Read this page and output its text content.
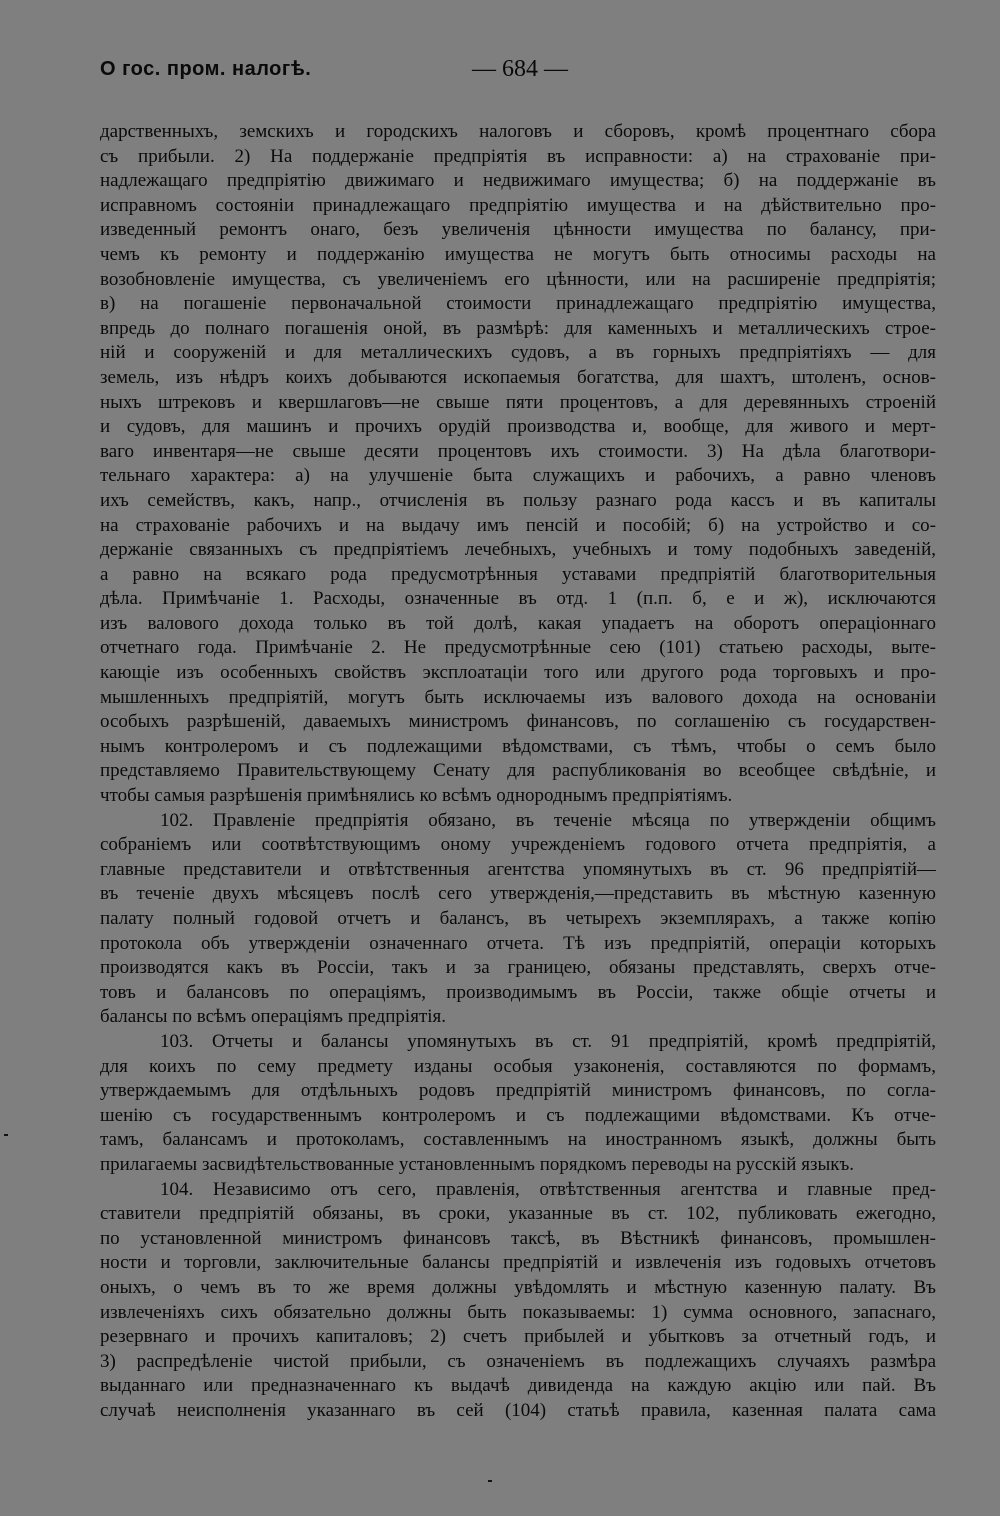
О гос. пром. налогѣ.	— 684 —
дарственныхъ, земскихъ и городскихъ налоговъ и сборовъ, кромѣ процентнаго сбора
съ прибыли. 2) На поддержаніе предпріятія въ исправности: а) на страхованіе при-
надлежащаго предпріятію движимаго и недвижимаго имущества; б) на поддержаніе въ
исправномъ состояніи принадлежащаго предпріятію имущества и на дѣйствительно про-
изведенный ремонтъ онаго, безъ увеличенія цѣнности имущества по балансу, при-
чемъ къ ремонту и поддержанію имущества не могутъ быть относимы расходы на
возобновленіе имущества, съ увеличеніемъ его цѣнности, или на расширеніе предпріятія;
в) на погашеніе первоначальной стоимости принадлежащаго предпріятію имущества,
впредь до полнаго погашенія оной, въ размѣрѣ: для каменныхъ и металлическихъ строе-
ній и сооруженій и для металлическихъ судовъ, а въ горныхъ предпріятіяхъ — для
земель, изъ нѣдръ коихъ добываются ископаемыя богатства, для шахтъ, штоленъ, основ-
ныхъ штрековъ и квершлаговъ—не свыше пяти процентовъ, а для деревянныхъ строеній
и судовъ, для машинъ и прочихъ орудій производства и, вообще, для живого и мерт-
ваго инвентаря—не свыше десяти процентовъ ихъ стоимости. 3) На дѣла благотвори-
тельнаго характера: а) на улучшеніе быта служащихъ и рабочихъ, а равно членовъ
ихъ семействъ, какъ, напр., отчисленія въ пользу разнаго рода кассъ и въ капиталы
на страхованіе рабочихъ и на выдачу имъ пенсій и пособій; б) на устройство и со-
держаніе связанныхъ съ предпріятіемъ лечебныхъ, учебныхъ и тому подобныхъ заведеній,
а равно на всякаго рода предусмотрѣнныя уставами предпріятій благотворительныя
дѣла. Примѣчаніе 1. Расходы, означенные въ отд. 1 (п.п. б, е и ж), исключаются
изъ валового дохода только въ той долѣ, какая упадаетъ на оборотъ операціоннаго
отчетнаго года. Примѣчаніе 2. Не предусмотрѣнные сею (101) статьею расходы, выте-
кающіе изъ особенныхъ свойствъ эксплоатаціи того или другого рода торговыхъ и про-
мышленныхъ предпріятій, могутъ быть исключаемы изъ валового дохода на основаніи
особыхъ разрѣшеній, даваемыхъ министромъ финансовъ, по соглашенію съ государствен-
нымъ контролеромъ и съ подлежащими вѣдомствами, съ тѣмъ, чтобы о семъ было
представляемо Правительствующему Сенату для распубликованія во всеобщее свѣдѣніе, и
чтобы самыя разрѣшенія примѣнялись ко всѣмъ однороднымъ предпріятіямъ.
102. Правленіе предпріятія обязано, въ теченіе мѣсяца по утвержденіи общимъ
собраніемъ или соотвѣтствующимъ оному учрежденіемъ годового отчета предпріятія, а
главные представители и отвѣтственныя агентства упомянутыхъ въ ст. 96 предпріятій—
въ теченіе двухъ мѣсяцевъ послѣ сего утвержденія,—представить въ мѣстную казенную
палату полный годовой отчетъ и балансъ, въ четырехъ экземплярахъ, а также копію
протокола объ утвержденіи означеннаго отчета. Тѣ изъ предпріятій, операціи которыхъ
производятся какъ въ Россіи, такъ и за границею, обязаны представлять, сверхъ отче-
товъ и балансовъ по операціямъ, производимымъ въ Россіи, также общіе отчеты и
балансы по всѣмъ операціямъ предпріятія.
103. Отчеты и балансы упомянутыхъ въ ст. 91 предпріятій, кромѣ предпріятій,
для коихъ по сему предмету изданы особыя узаконенія, составляются по формамъ,
утверждаемымъ для отдѣльныхъ родовъ предпріятій министромъ финансовъ, по согла-
шенію съ государственнымъ контролеромъ и съ подлежащими вѣдомствами. Къ отче-
тамъ, балансамъ и протоколамъ, составленнымъ на иностранномъ языкѣ, должны быть
прилагаемы засвидѣтельствованные установленнымъ порядкомъ переводы на русскій языкъ.
104. Независимо отъ сего, правленія, отвѣтственныя агентства и главные пред-
ставители предпріятій обязаны, въ сроки, указанные въ ст. 102, публиковать ежегодно,
по установленной министромъ финансовъ таксѣ, въ Вѣстникѣ финансовъ, промышлен-
ности и торговли, заключительные балансы предпріятій и извлеченія изъ годовыхъ отчетовъ
оныхъ, о чемъ въ то же время должны увѣдомлять и мѣстную казенную палату. Въ
извлеченіяхъ сихъ обязательно должны быть показываемы: 1) сумма основного, запаснаго,
резервнаго и прочихъ капиталовъ; 2) счетъ прибылей и убытковъ за отчетный годъ, и
3) распредѣленіе чистой прибыли, съ означеніемъ въ подлежащихъ случаяхъ размѣра
выданнаго или предназначеннаго къ выдачѣ дивиденда на каждую акцію или пай. Въ
случаѣ неисполненія указаннаго въ сей (104) статьѣ правила, казенная палата сама
